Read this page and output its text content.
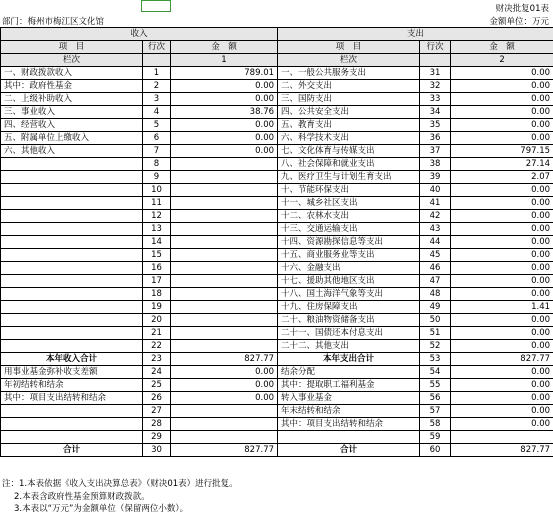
财决批复01表
部门：梅州市梅江区文化馆	金额单位：万元
收入			支出		
项　目	行次	金　额	项　目	行次	金　额
栏次		1	栏次		2
一、财政拨款收入	1	789.01	一、一般公共服务支出	31	0.00
其中：政府性基金	2	0.00	二、外交支出	32	0.00
二、上级补助收入	3	0.00	三、国防支出	33	0.00
三、事业收入	4	38.76	四、公共安全支出	34	0.00
四、经营收入	5	0.00	五、教育支出	35	0.00
五、附属单位上缴收入	6	0.00	六、科学技术支出	36	0.00
六、其他收入	7	0.00	七、文化体育与传媒支出	37	797.15
	8		八、社会保障和就业支出	38	27.14
	9		九、医疗卫生与计划生育支出	39	2.07
	10		十、节能环保支出	40	0.00
	11		十一、城乡社区支出	41	0.00
	12		十二、农林水支出	42	0.00
	13		十三、交通运输支出	43	0.00
	14		十四、资源勘探信息等支出	44	0.00
	15		十五、商业服务业等支出	45	0.00
	16		十六、金融支出	46	0.00
	17		十七、援助其他地区支出	47	0.00
	18		十八、国土海洋气象等支出	48	0.00
	19		十九、住房保障支出	49	1.41
	20		二十、粮油物资储备支出	50	0.00
	21		二十一、国债还本付息支出	51	0.00
	22		二十二、其他支出	52	0.00
本年收入合计	23	827.77	本年支出合计	53	827.77
用事业基金弥补收支差额	24	0.00	结余分配	54	0.00
年初结转和结余	25	0.00	其中：提取职工福利基金	55	0.00
其中：项目支出结转和结余	26	0.00	转入事业基金	56	0.00
	27		年末结转和结余	57	0.00
	28		其中：项目支出结转和结余	58	0.00
	29			59	
合计	30	827.77	合计	60	827.77
注：1.本表依据《收入支出决算总表》（财决01表）进行批复。
2.本表含政府性基金预算财政拨款。
3.本表以“万元”为金额单位（保留两位小数）。
